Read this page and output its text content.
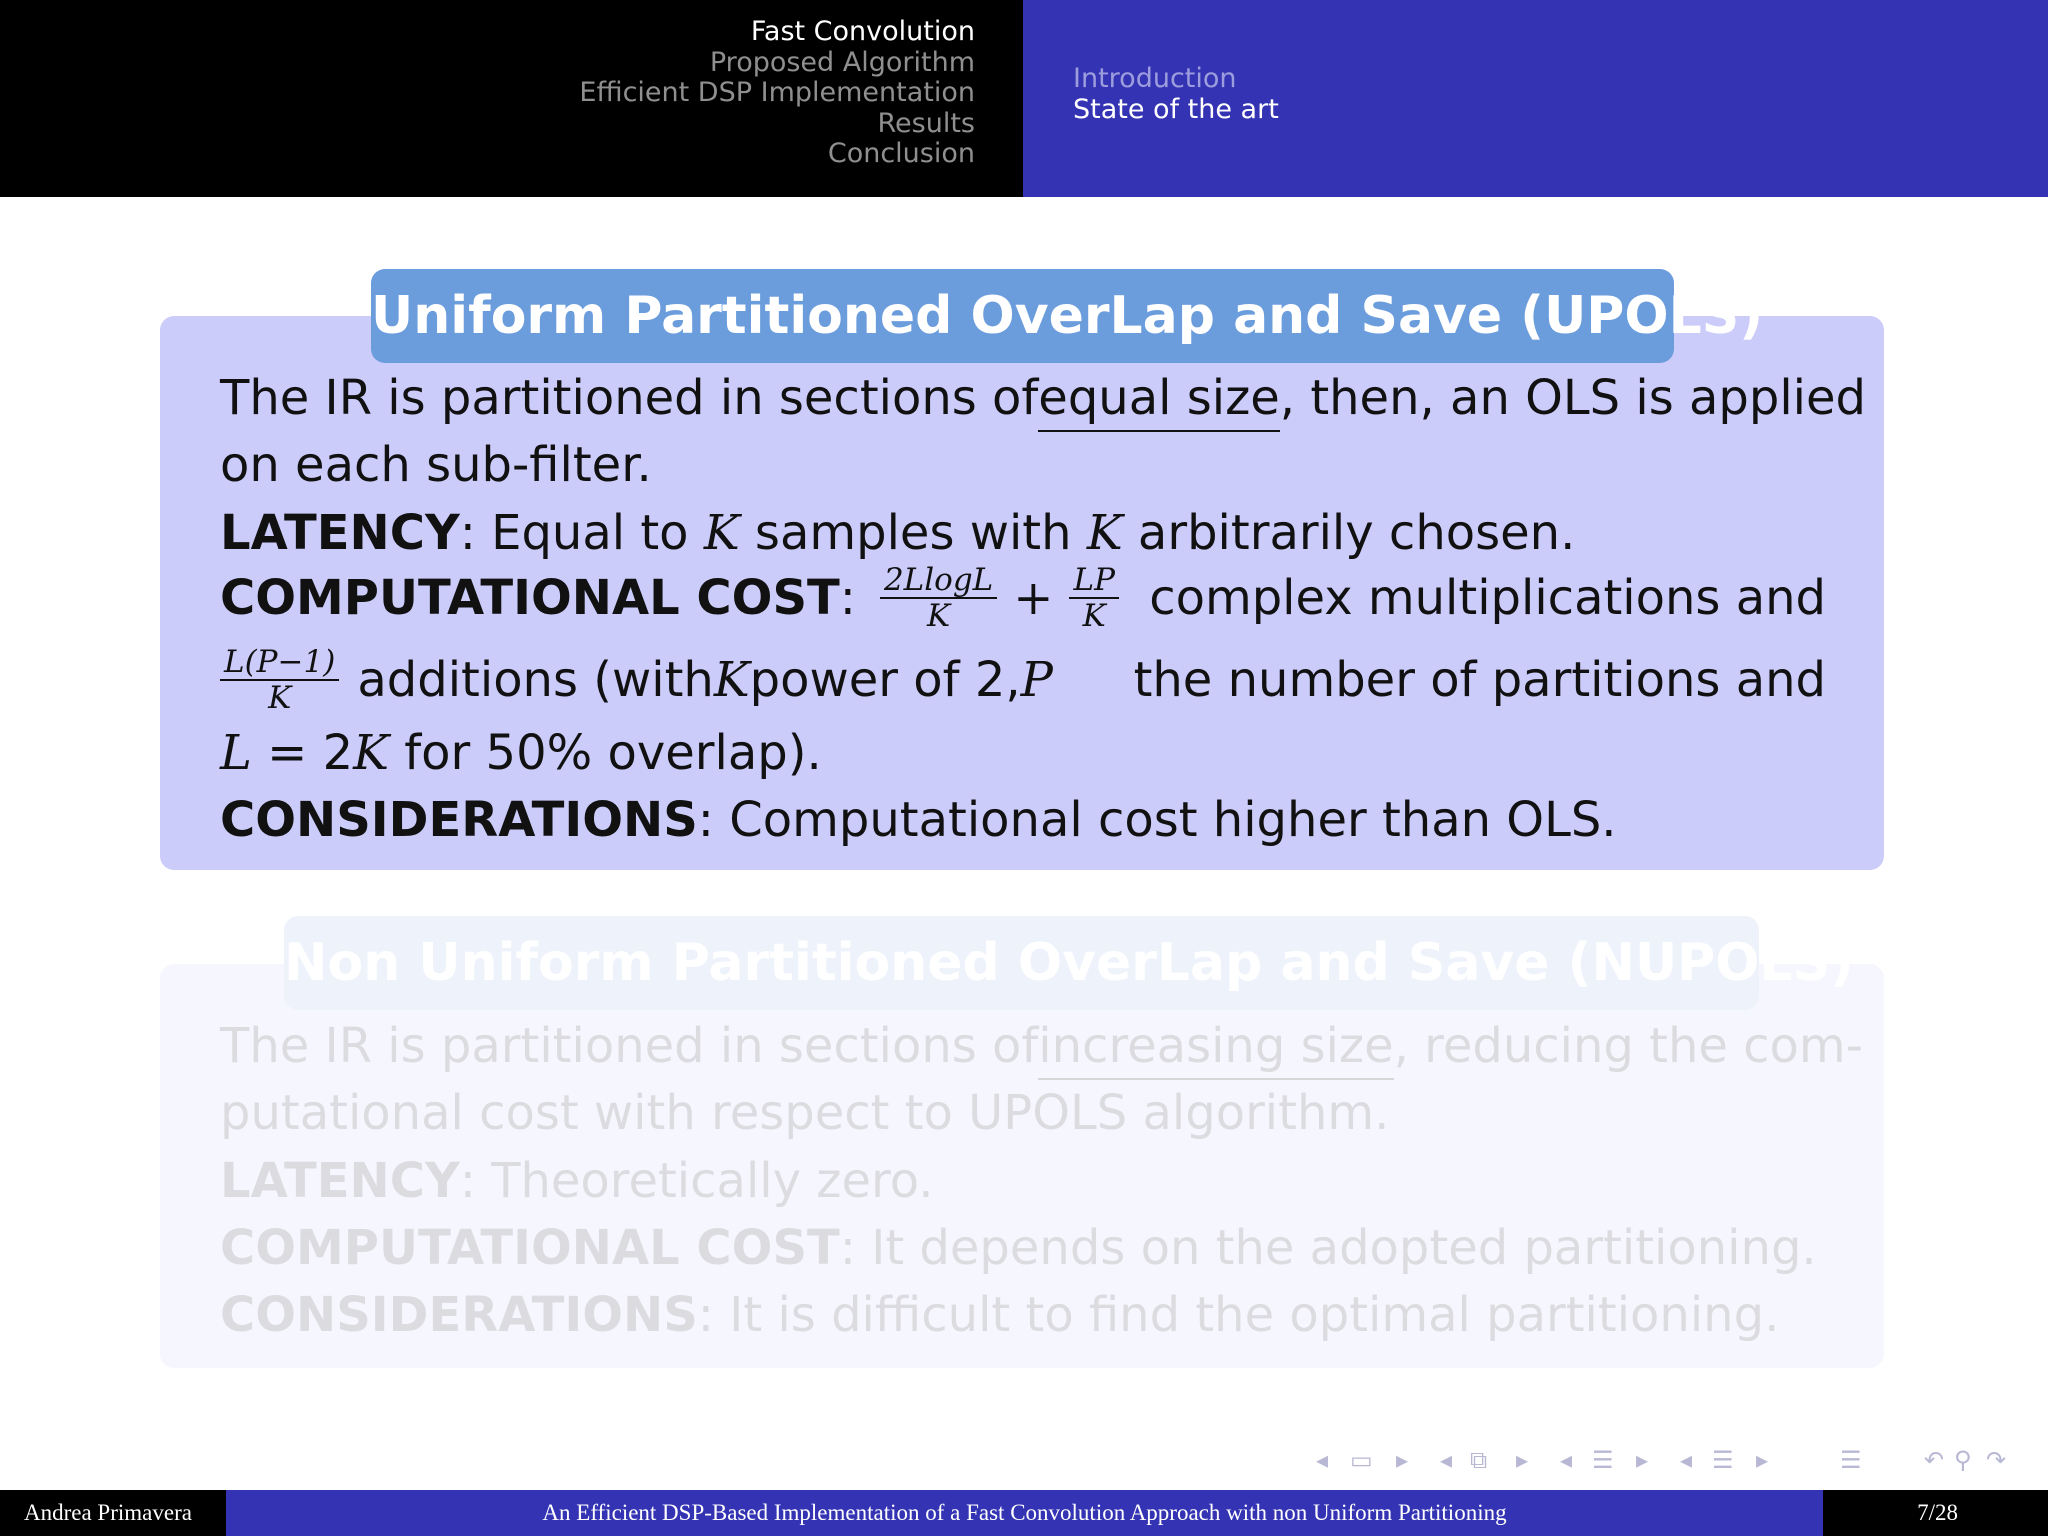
Fast Convolution
Proposed Algorithm
Efficient DSP Implementation
Results
Conclusion
Introduction
State of the art
Uniform Partitioned OverLap and Save (UPOLS)
The IR is partitioned in sections of equal size, then, an OLS is applied
on each sub-filter.
LATENCY: Equal to K samples with K arbitrarily chosen.
COMPUTATIONAL COST : $\frac{2LlogL}{K} + \frac{LP}{K}$ complex multiplications and
$\frac{L(P-1)}{K}$ additions (with K power of 2, P the number of partitions and
L = 2K for 50% overlap).
CONSIDERATIONS: Computational cost higher than OLS.
Non Uniform Partitioned OverLap and Save (NUPOLS)
The IR is partitioned in sections of increasing size, reducing the com-
putational cost with respect to UPOLS algorithm.
LATENCY: Theoretically zero.
COMPUTATIONAL COST: It depends on the adopted partitioning.
CONSIDERATIONS: It is difficult to find the optimal partitioning.
◂ ▭ ▸ ◂ ⧉ ▸ ◂ ☰ ▸ ◂ ☰ ▸	☰	↶ ⚲ ↷
Andrea Primavera	An Efficient DSP-Based Implementation of a Fast Convolution Approach with non Uniform Partitioning	7/28
